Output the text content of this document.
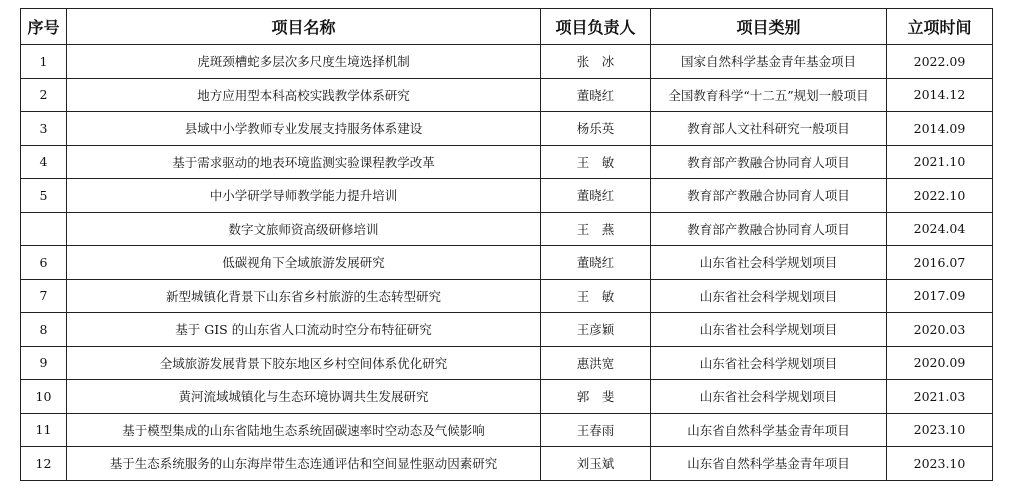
序号	项目名称	项目负责人	项目类别	立项时间
1	虎斑颈槽蛇多层次多尺度生境选择机制	张　冰	国家自然科学基金青年基金项目	2022.09
2	地方应用型本科高校实践教学体系研究	董晓红	全国教育科学“十二五”规划一般项目	2014.12
3	县域中小学教师专业发展支持服务体系建设	杨乐英	教育部人文社科研究一般项目	2014.09
4	基于需求驱动的地表环境监测实验课程教学改革	王　敏	教育部产教融合协同育人项目	2021.10
5	中小学研学导师教学能力提升培训	董晓红	教育部产教融合协同育人项目	2022.10
	数字文旅师资高级研修培训	王　燕	教育部产教融合协同育人项目	2024.04
6	低碳视角下全域旅游发展研究	董晓红	山东省社会科学规划项目	2016.07
7	新型城镇化背景下山东省乡村旅游的生态转型研究	王　敏	山东省社会科学规划项目	2017.09
8	基于 GIS 的山东省人口流动时空分布特征研究	王彦颖	山东省社会科学规划项目	2020.03
9	全域旅游发展背景下胶东地区乡村空间体系优化研究	惠洪宽	山东省社会科学规划项目	2020.09
10	黄河流域城镇化与生态环境协调共生发展研究	郭　斐	山东省社会科学规划项目	2021.03
11	基于模型集成的山东省陆地生态系统固碳速率时空动态及气候影响	王春雨	山东省自然科学基金青年项目	2023.10
12	基于生态系统服务的山东海岸带生态连通评估和空间显性驱动因素研究	刘玉斌	山东省自然科学基金青年项目	2023.10
